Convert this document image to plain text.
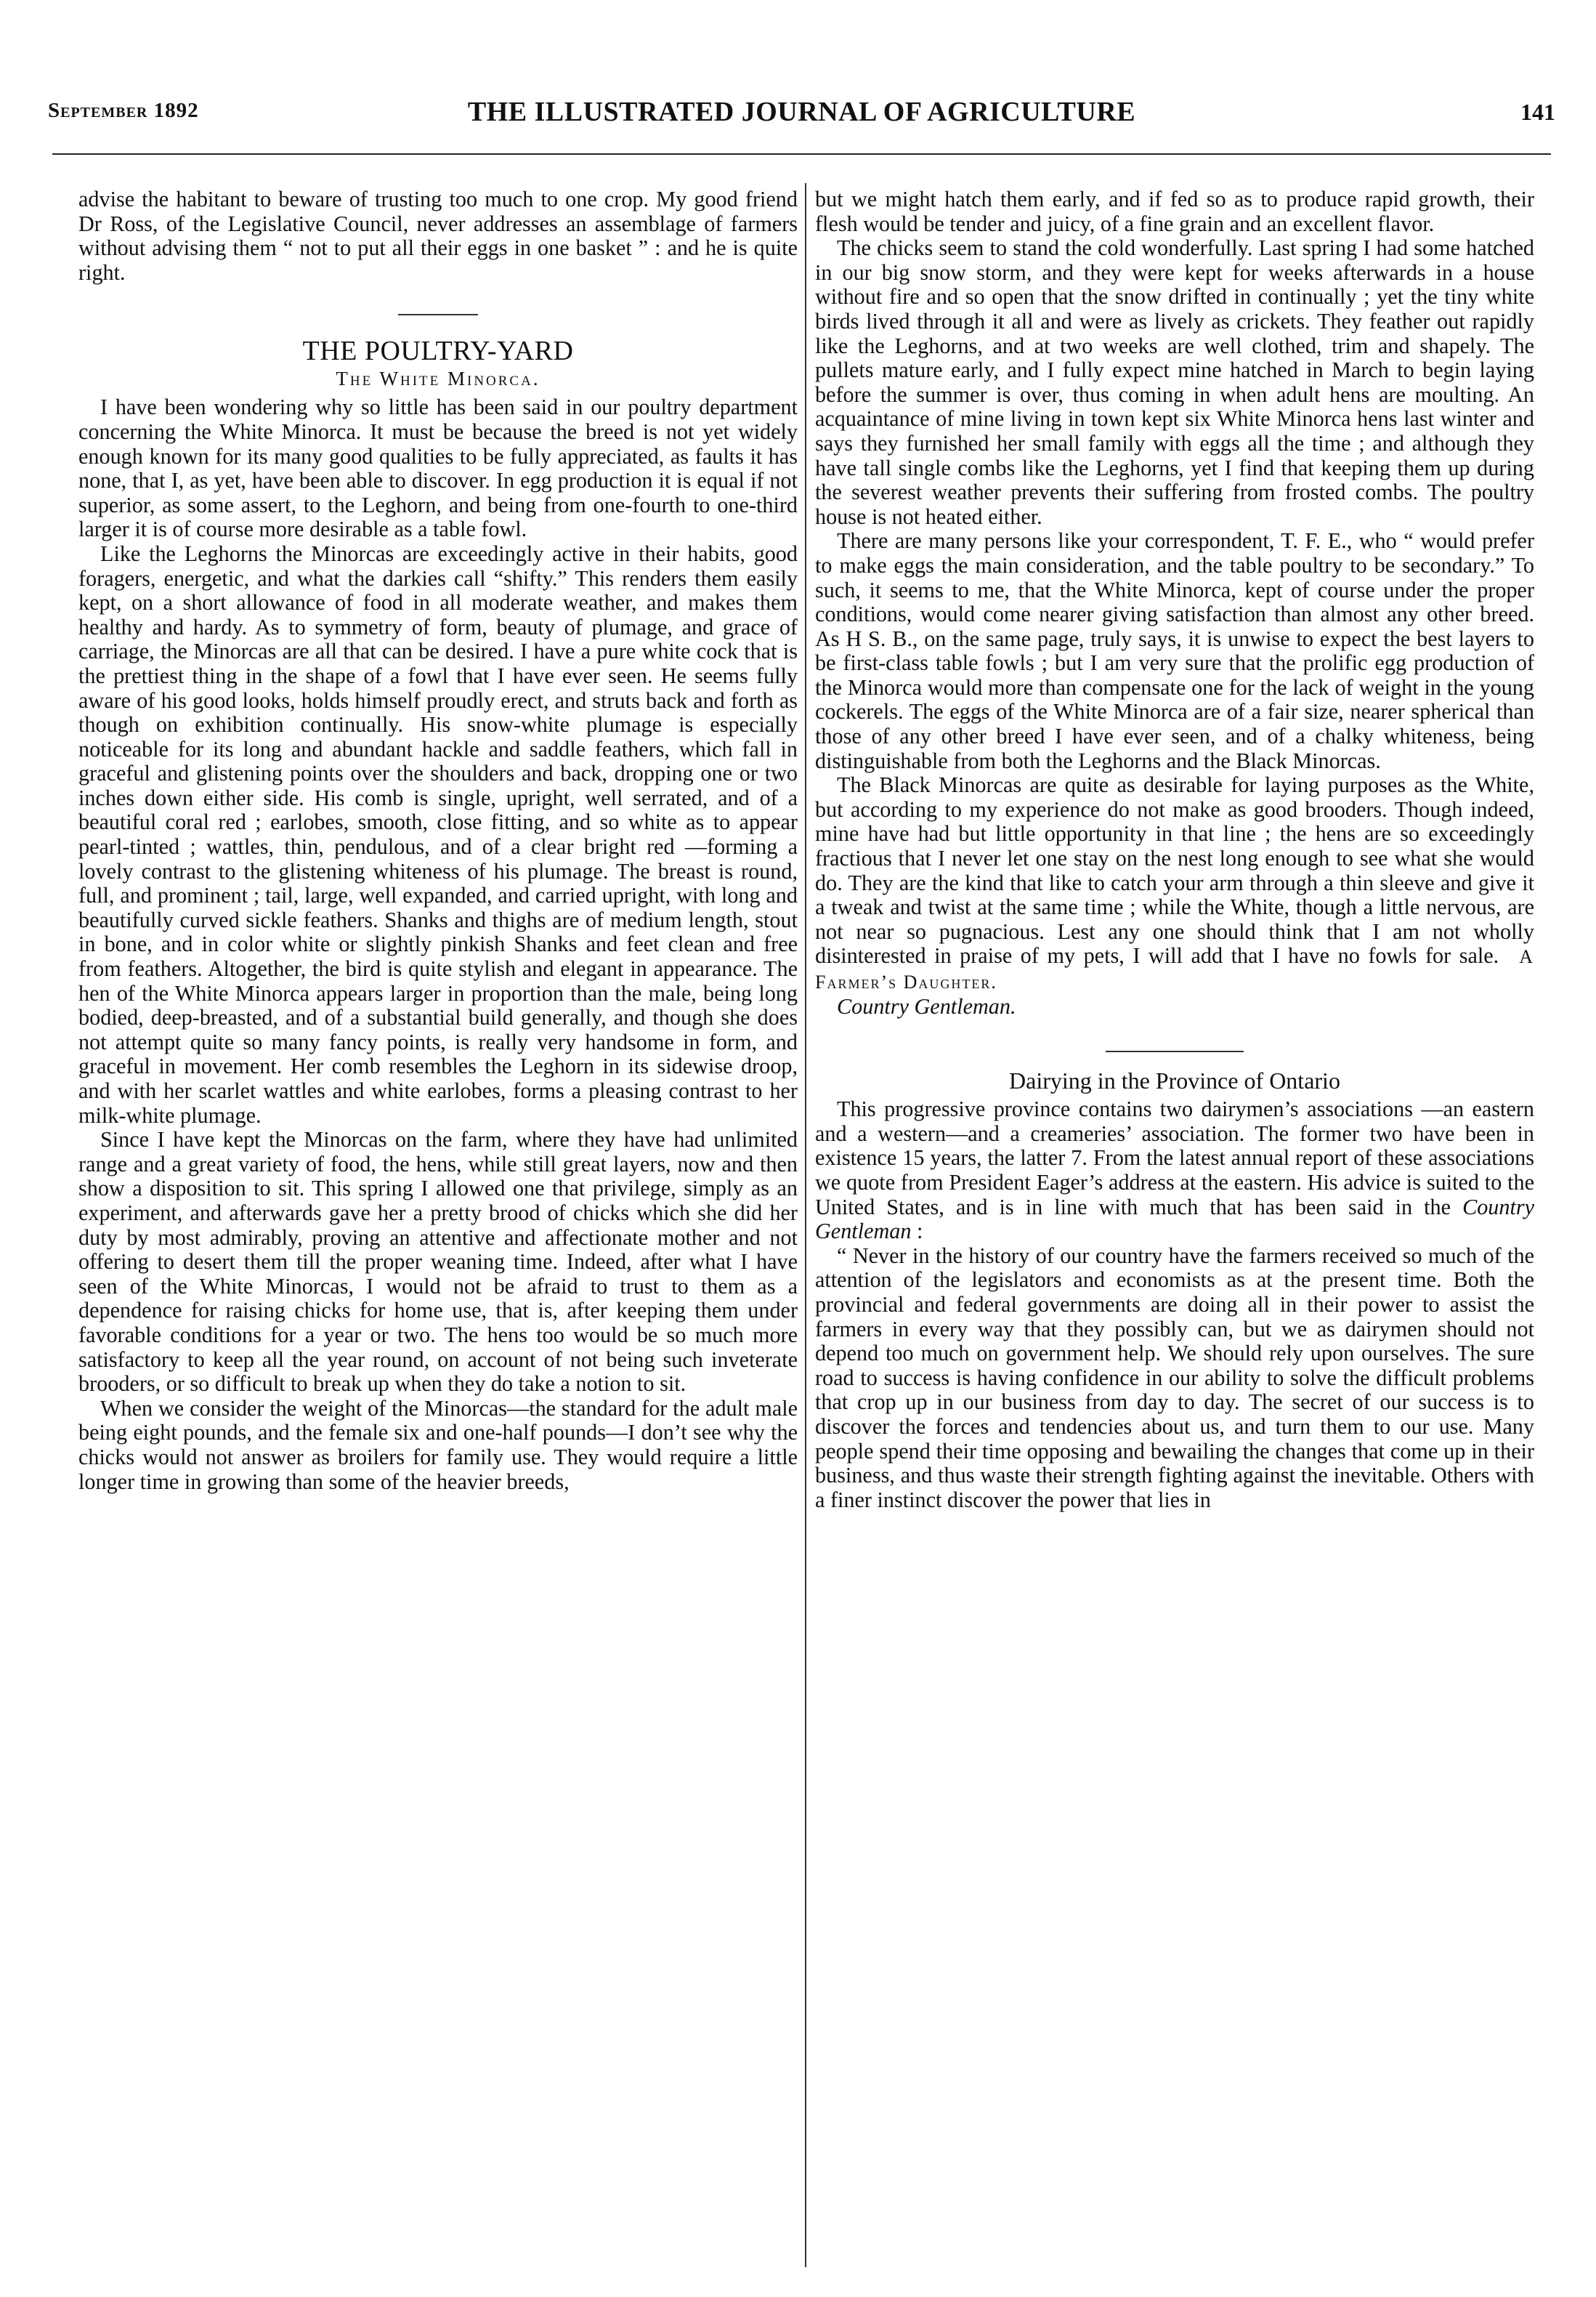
September 1892	THE ILLUSTRATED JOURNAL OF AGRICULTURE	141

advise the habitant to beware of trusting too much to one crop. My good friend Dr Ross, of the Legislative Council, never addresses an assemblage of farmers without advising them “ not to put all their eggs in one basket ” : and he is quite right.

THE POULTRY-YARD
The White Minorca.

I have been wondering why so little has been said in our poultry department concerning the White Minorca. It must be because the breed is not yet widely enough known for its many good qualities to be fully appreciated, as faults it has none, that I, as yet, have been able to discover. In egg production it is equal if not superior, as some assert, to the Leghorn, and being from one-fourth to one-third larger it is of course more desirable as a table fowl.

Like the Leghorns the Minorcas are exceedingly active in their habits, good foragers, energetic, and what the darkies call “shifty.” This renders them easily kept, on a short allowance of food in all moderate weather, and makes them healthy and hardy. As to symmetry of form, beauty of plumage, and grace of carriage, the Minorcas are all that can be desired. I have a pure white cock that is the prettiest thing in the shape of a fowl that I have ever seen. He seems fully aware of his good looks, holds himself proudly erect, and struts back and forth as though on exhibition continually. His snow-white plumage is especially noticeable for its long and abundant hackle and saddle feathers, which fall in graceful and glistening points over the shoulders and back, dropping one or two inches down either side. His comb is single, upright, well serrated, and of a beautiful coral red ; earlobes, smooth, close fitting, and so white as to appear pearl-tinted ; wattles, thin, pendulous, and of a clear bright red —forming a lovely contrast to the glistening whiteness of his plumage. The breast is round, full, and prominent ; tail, large, well expanded, and carried upright, with long and beautifully curved sickle feathers. Shanks and thighs are of medium length, stout in bone, and in color white or slightly pinkish Shanks and feet clean and free from feathers. Altogether, the bird is quite stylish and elegant in appearance. The hen of the White Minorca appears larger in proportion than the male, being long bodied, deep-breasted, and of a substantial build generally, and though she does not attempt quite so many fancy points, is really very handsome in form, and graceful in movement. Her comb resembles the Leghorn in its sidewise droop, and with her scarlet wattles and white earlobes, forms a pleasing contrast to her milk-white plumage.

Since I have kept the Minorcas on the farm, where they have had unlimited range and a great variety of food, the hens, while still great layers, now and then show a disposition to sit. This spring I allowed one that privilege, simply as an experiment, and afterwards gave her a pretty brood of chicks which she did her duty by most admirably, proving an attentive and affectionate mother and not offering to desert them till the proper weaning time. Indeed, after what I have seen of the White Minorcas, I would not be afraid to trust to them as a dependence for raising chicks for home use, that is, after keeping them under favorable conditions for a year or two. The hens too would be so much more satisfactory to keep all the year round, on account of not being such inveterate brooders, or so difficult to break up when they do take a notion to sit.

When we consider the weight of the Minorcas—the standard for the adult male being eight pounds, and the female six and one-half pounds—I don’t see why the chicks would not answer as broilers for family use. They would require a little longer time in growing than some of the heavier breeds,

but we might hatch them early, and if fed so as to produce rapid growth, their flesh would be tender and juicy, of a fine grain and an excellent flavor.

The chicks seem to stand the cold wonderfully. Last spring I had some hatched in our big snow storm, and they were kept for weeks afterwards in a house without fire and so open that the snow drifted in continually ; yet the tiny white birds lived through it all and were as lively as crickets. They feather out rapidly like the Leghorns, and at two weeks are well clothed, trim and shapely. The pullets mature early, and I fully expect mine hatched in March to begin laying before the summer is over, thus coming in when adult hens are moulting. An acquaintance of mine living in town kept six White Minorca hens last winter and says they furnished her small family with eggs all the time ; and although they have tall single combs like the Leghorns, yet I find that keeping them up during the severest weather prevents their suffering from frosted combs. The poultry house is not heated either.

There are many persons like your correspondent, T. F. E., who “ would prefer to make eggs the main consideration, and the table poultry to be secondary.” To such, it seems to me, that the White Minorca, kept of course under the proper conditions, would come nearer giving satisfaction than almost any other breed. As H S. B., on the same page, truly says, it is unwise to expect the best layers to be first-class table fowls ; but I am very sure that the prolific egg production of the Minorca would more than compensate one for the lack of weight in the young cockerels. The eggs of the White Minorca are of a fair size, nearer spherical than those of any other breed I have ever seen, and of a chalky whiteness, being distinguishable from both the Leghorns and the Black Minorcas.

The Black Minorcas are quite as desirable for laying purposes as the White, but according to my experience do not make as good brooders. Though indeed, mine have had but little opportunity in that line ; the hens are so exceedingly fractious that I never let one stay on the nest long enough to see what she would do. They are the kind that like to catch your arm through a thin sleeve and give it a tweak and twist at the same time ; while the White, though a little nervous, are not near so pugnacious. Lest any one should think that I am not wholly disinterested in praise of my pets, I will add that I have no fowls for sale. A Farmer’s Daughter.

Country Gentleman.

Dairying in the Province of Ontario

This progressive province contains two dairymen’s associations —an eastern and a western—and a creameries’ association. The former two have been in existence 15 years, the latter 7. From the latest annual report of these associations we quote from President Eager’s address at the eastern. His advice is suited to the United States, and is in line with much that has been said in the Country Gentleman :

“ Never in the history of our country have the farmers received so much of the attention of the legislators and economists as at the present time. Both the provincial and federal governments are doing all in their power to assist the farmers in every way that they possibly can, but we as dairymen should not depend too much on government help. We should rely upon ourselves. The sure road to success is having confidence in our ability to solve the difficult problems that crop up in our business from day to day. The secret of our success is to discover the forces and tendencies about us, and turn them to our use. Many people spend their time opposing and bewailing the changes that come up in their business, and thus waste their strength fighting against the inevitable. Others with a finer instinct discover the power that lies in
